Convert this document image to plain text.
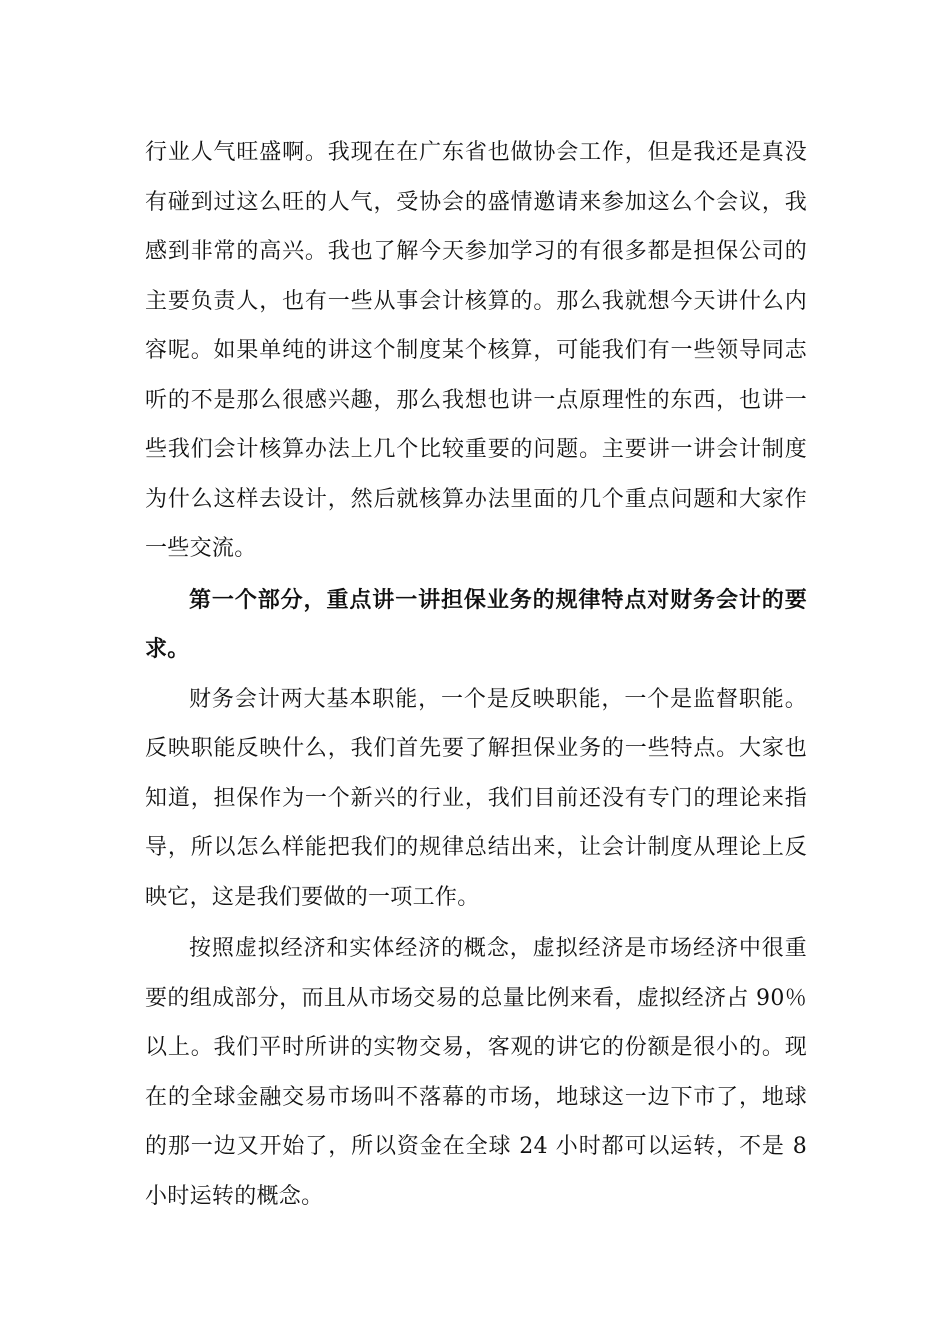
行业人气旺盛啊。我现在在广东省也做协会工作，但是我还是真没有碰到过这么旺的人气，受协会的盛情邀请来参加这么个会议，我感到非常的高兴。我也了解今天参加学习的有很多都是担保公司的主要负责人，也有一些从事会计核算的。那么我就想今天讲什么内容呢。如果单纯的讲这个制度某个核算，可能我们有一些领导同志听的不是那么很感兴趣，那么我想也讲一点原理性的东西，也讲一些我们会计核算办法上几个比较重要的问题。主要讲一讲会计制度为什么这样去设计，然后就核算办法里面的几个重点问题和大家作一些交流。

第一个部分，重点讲一讲担保业务的规律特点对财务会计的要求。

财务会计两大基本职能，一个是反映职能，一个是监督职能。反映职能反映什么，我们首先要了解担保业务的一些特点。大家也知道，担保作为一个新兴的行业，我们目前还没有专门的理论来指导，所以怎么样能把我们的规律总结出来，让会计制度从理论上反映它，这是我们要做的一项工作。

按照虚拟经济和实体经济的概念，虚拟经济是市场经济中很重要的组成部分，而且从市场交易的总量比例来看，虚拟经济占 90％以上。我们平时所讲的实物交易，客观的讲它的份额是很小的。现在的全球金融交易市场叫不落幕的市场，地球这一边下市了，地球的那一边又开始了，所以资金在全球 24 小时都可以运转，不是 8 小时运转的概念。
